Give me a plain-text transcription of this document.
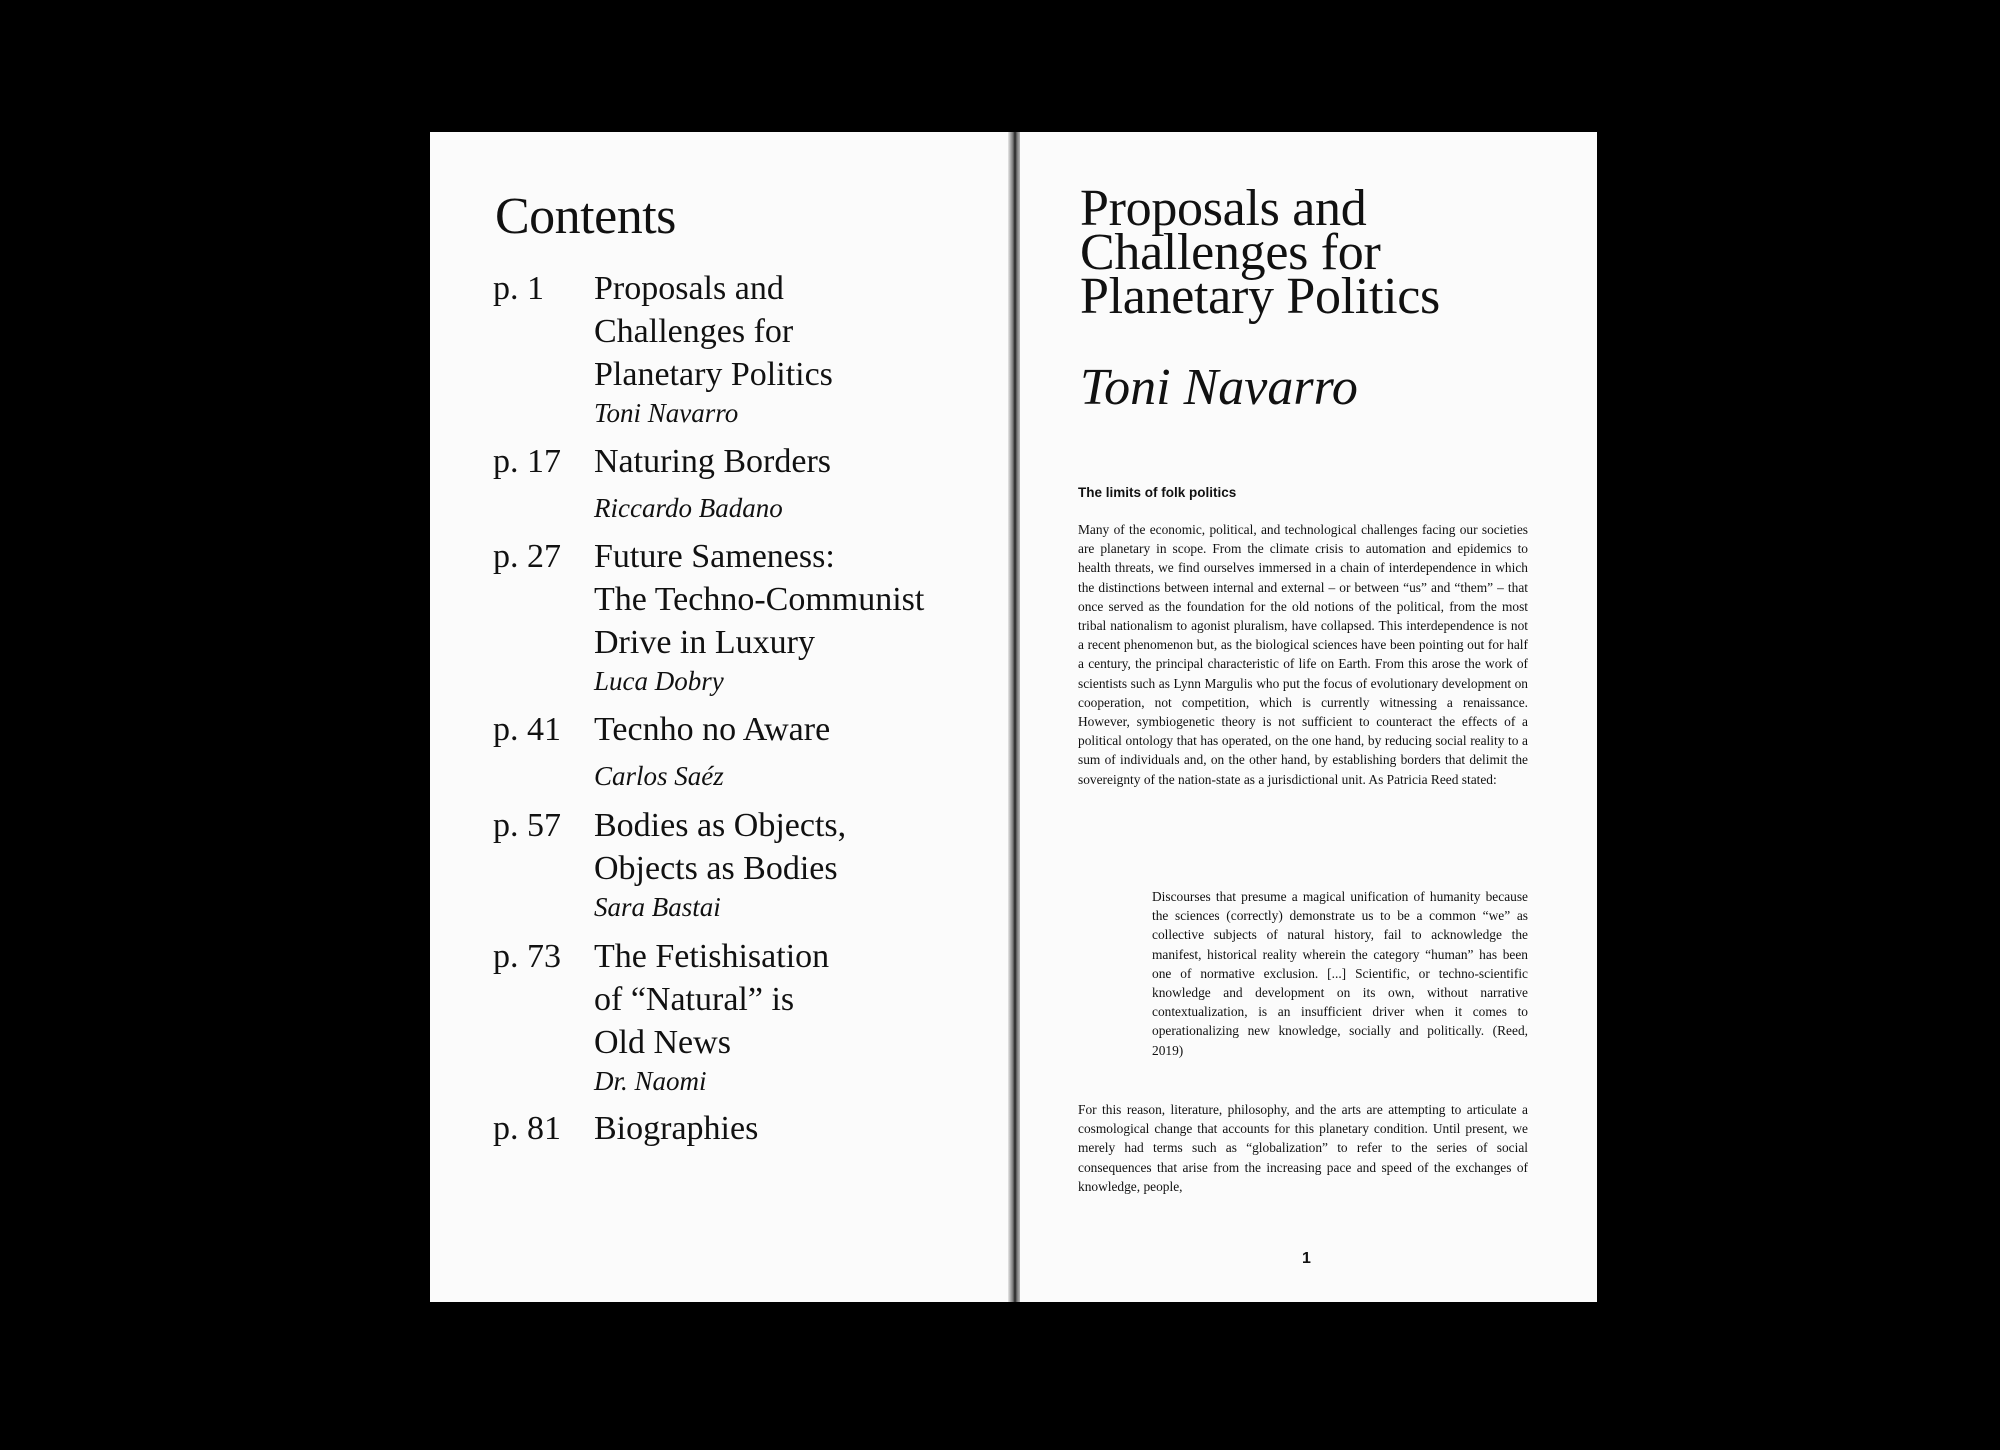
Contents
p. 1 Proposals and
Challenges for
Planetary Politics
Toni Navarro
p. 17 Naturing Borders
Riccardo Badano
p. 27 Future Sameness:
The Techno-Communist
Drive in Luxury
Luca Dobry
p. 41 Tecnho no Aware
Carlos Saéz
p. 57 Bodies as Objects,
Objects as Bodies
Sara Bastai
p. 73 The Fetishisation
of “Natural” is
Old News
Dr. Naomi
p. 81 Biographies
Proposals and
Challenges for
Planetary Politics
Toni Navarro
The limits of folk politics

Many of the economic, political, and technological challenges facing our societies are planetary in scope. From the climate crisis to automation and epidemics to health threats, we find ourselves immersed in a chain of interdependence in which the distinctions between internal and external – or between “us” and “them” – that once served as the foundation for the old notions of the political, from the most tribal nationalism to agonist pluralism, have collapsed. This interdependence is not a recent phenomenon but, as the biological sciences have been pointing out for half a century, the principal characteristic of life on Earth. From this arose the work of scientists such as Lynn Margulis who put the focus of evolutionary development on cooperation, not competition, which is currently witnessing a renaissance. However, symbiogenetic theory is not sufficient to counteract the effects of a political ontology that has operated, on the one hand, by reducing social reality to a sum of individuals and, on the other hand, by establishing borders that delimit the sovereignty of the nation-state as a jurisdictional unit. As Patricia Reed stated:

Discourses that presume a magical unification of humanity because the sciences (correctly) demonstrate us to be a common “we” as collective subjects of natural history, fail to acknowledge the manifest, historical reality wherein the category “human” has been one of normative exclusion. [...] Scientific, or techno-scientific knowledge and development on its own, without narrative contextualization, is an insufficient driver when it comes to operationalizing new knowledge, socially and politically. (Reed, 2019)

For this reason, literature, philosophy, and the arts are attempting to articulate a cosmological change that accounts for this planetary condition. Until present, we merely had terms such as “globalization” to refer to the series of social consequences that arise from the increasing pace and speed of the exchanges of knowledge, people,

1
